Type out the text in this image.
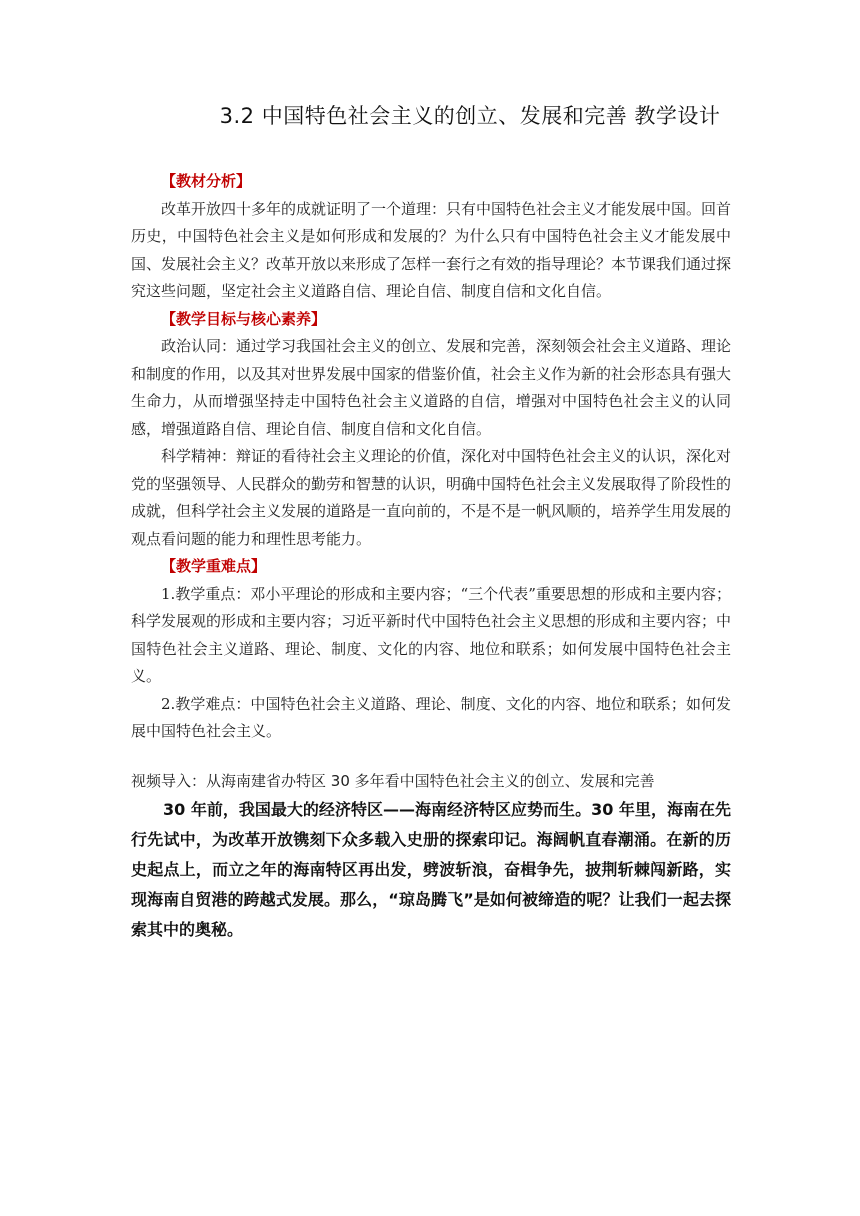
3.2 中国特色社会主义的创立、发展和完善 教学设计

【教材分析】

改革开放四十多年的成就证明了一个道理：只有中国特色社会主义才能发展中国。回首历史，中国特色社会主义是如何形成和发展的？为什么只有中国特色社会主义才能发展中国、发展社会主义？改革开放以来形成了怎样一套行之有效的指导理论？本节课我们通过探究这些问题，坚定社会主义道路自信、理论自信、制度自信和文化自信。

【教学目标与核心素养】

政治认同：通过学习我国社会主义的创立、发展和完善，深刻领会社会主义道路、理论和制度的作用，以及其对世界发展中国家的借鉴价值，社会主义作为新的社会形态具有强大生命力，从而增强坚持走中国特色社会主义道路的自信，增强对中国特色社会主义的认同感，增强道路自信、理论自信、制度自信和文化自信。

科学精神：辩证的看待社会主义理论的价值，深化对中国特色社会主义的认识，深化对党的坚强领导、人民群众的勤劳和智慧的认识，明确中国特色社会主义发展取得了阶段性的成就，但科学社会主义发展的道路是一直向前的，不是不是一帆风顺的，培养学生用发展的观点看问题的能力和理性思考能力。

【教学重难点】

1.教学重点：邓小平理论的形成和主要内容；“三个代表”重要思想的形成和主要内容；科学发展观的形成和主要内容；习近平新时代中国特色社会主义思想的形成和主要内容；中国特色社会主义道路、理论、制度、文化的内容、地位和联系；如何发展中国特色社会主义。

2.教学难点：中国特色社会主义道路、理论、制度、文化的内容、地位和联系；如何发展中国特色社会主义。

视频导入：从海南建省办特区 30 多年看中国特色社会主义的创立、发展和完善

30 年前，我国最大的经济特区——海南经济特区应势而生。30 年里，海南在先行先试中，为改革开放镌刻下众多载入史册的探索印记。海阔帆直春潮涌。在新的历史起点上，而立之年的海南特区再出发，劈波斩浪，奋楫争先，披荆斩棘闯新路，实现海南自贸港的跨越式发展。那么，“琼岛腾飞”是如何被缔造的呢？让我们一起去探索其中的奥秘。
